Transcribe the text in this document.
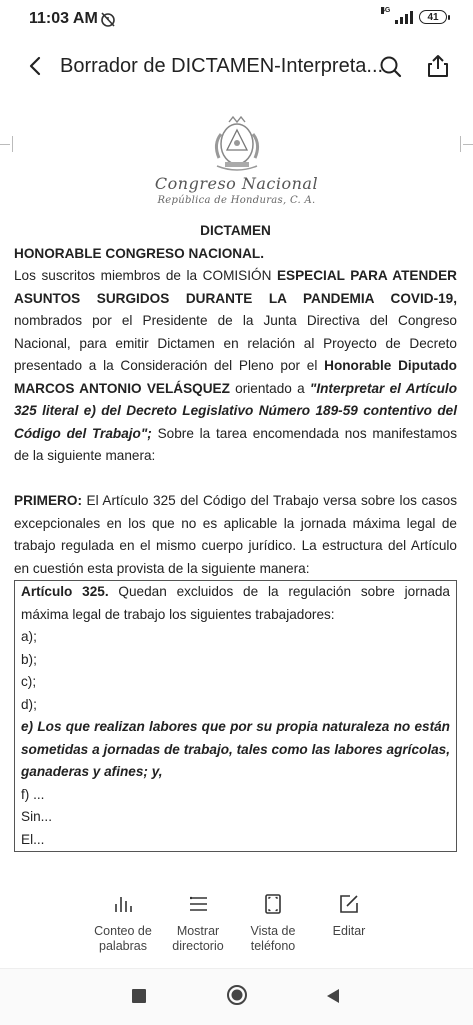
11:03 AM	4G
41
Borrador de DICTAMEN-Interpreta...
Congreso Nacional
República de Honduras, C. A.

DICTAMEN

HONORABLE CONGRESO NACIONAL.

Los suscritos miembros de la COMISIÓN ESPECIAL PARA ATENDER ASUNTOS SURGIDOS DURANTE LA PANDEMIA COVID-19, nombrados por el Presidente de la Junta Directiva del Congreso Nacional, para emitir Dictamen en relación al Proyecto de Decreto presentado a la Consideración del Pleno por el Honorable Diputado MARCOS ANTONIO VELÁSQUEZ orientado a "Interpretar el Artículo 325 literal e) del Decreto Legislativo Número 189-59 contentivo del Código del Trabajo"; Sobre la tarea encomendada nos manifestamos de la siguiente manera:

PRIMERO: El Artículo 325 del Código del Trabajo versa sobre los casos excepcionales en los que no es aplicable la jornada máxima legal de trabajo regulada en el mismo cuerpo jurídico. La estructura del Artículo en cuestión esta provista de la siguiente manera:

Artículo 325. Quedan excluidos de la regulación sobre jornada máxima legal de trabajo los siguientes trabajadores:

a);

b);

c);

d);

e) Los que realizan labores que por su propia naturaleza no están sometidas a jornadas de trabajo, tales como las labores agrícolas, ganaderas y afines; y,

f) ...

Sin...

El...

Conteo de palabras
Mostrar directorio
Vista de teléfono
Editar
